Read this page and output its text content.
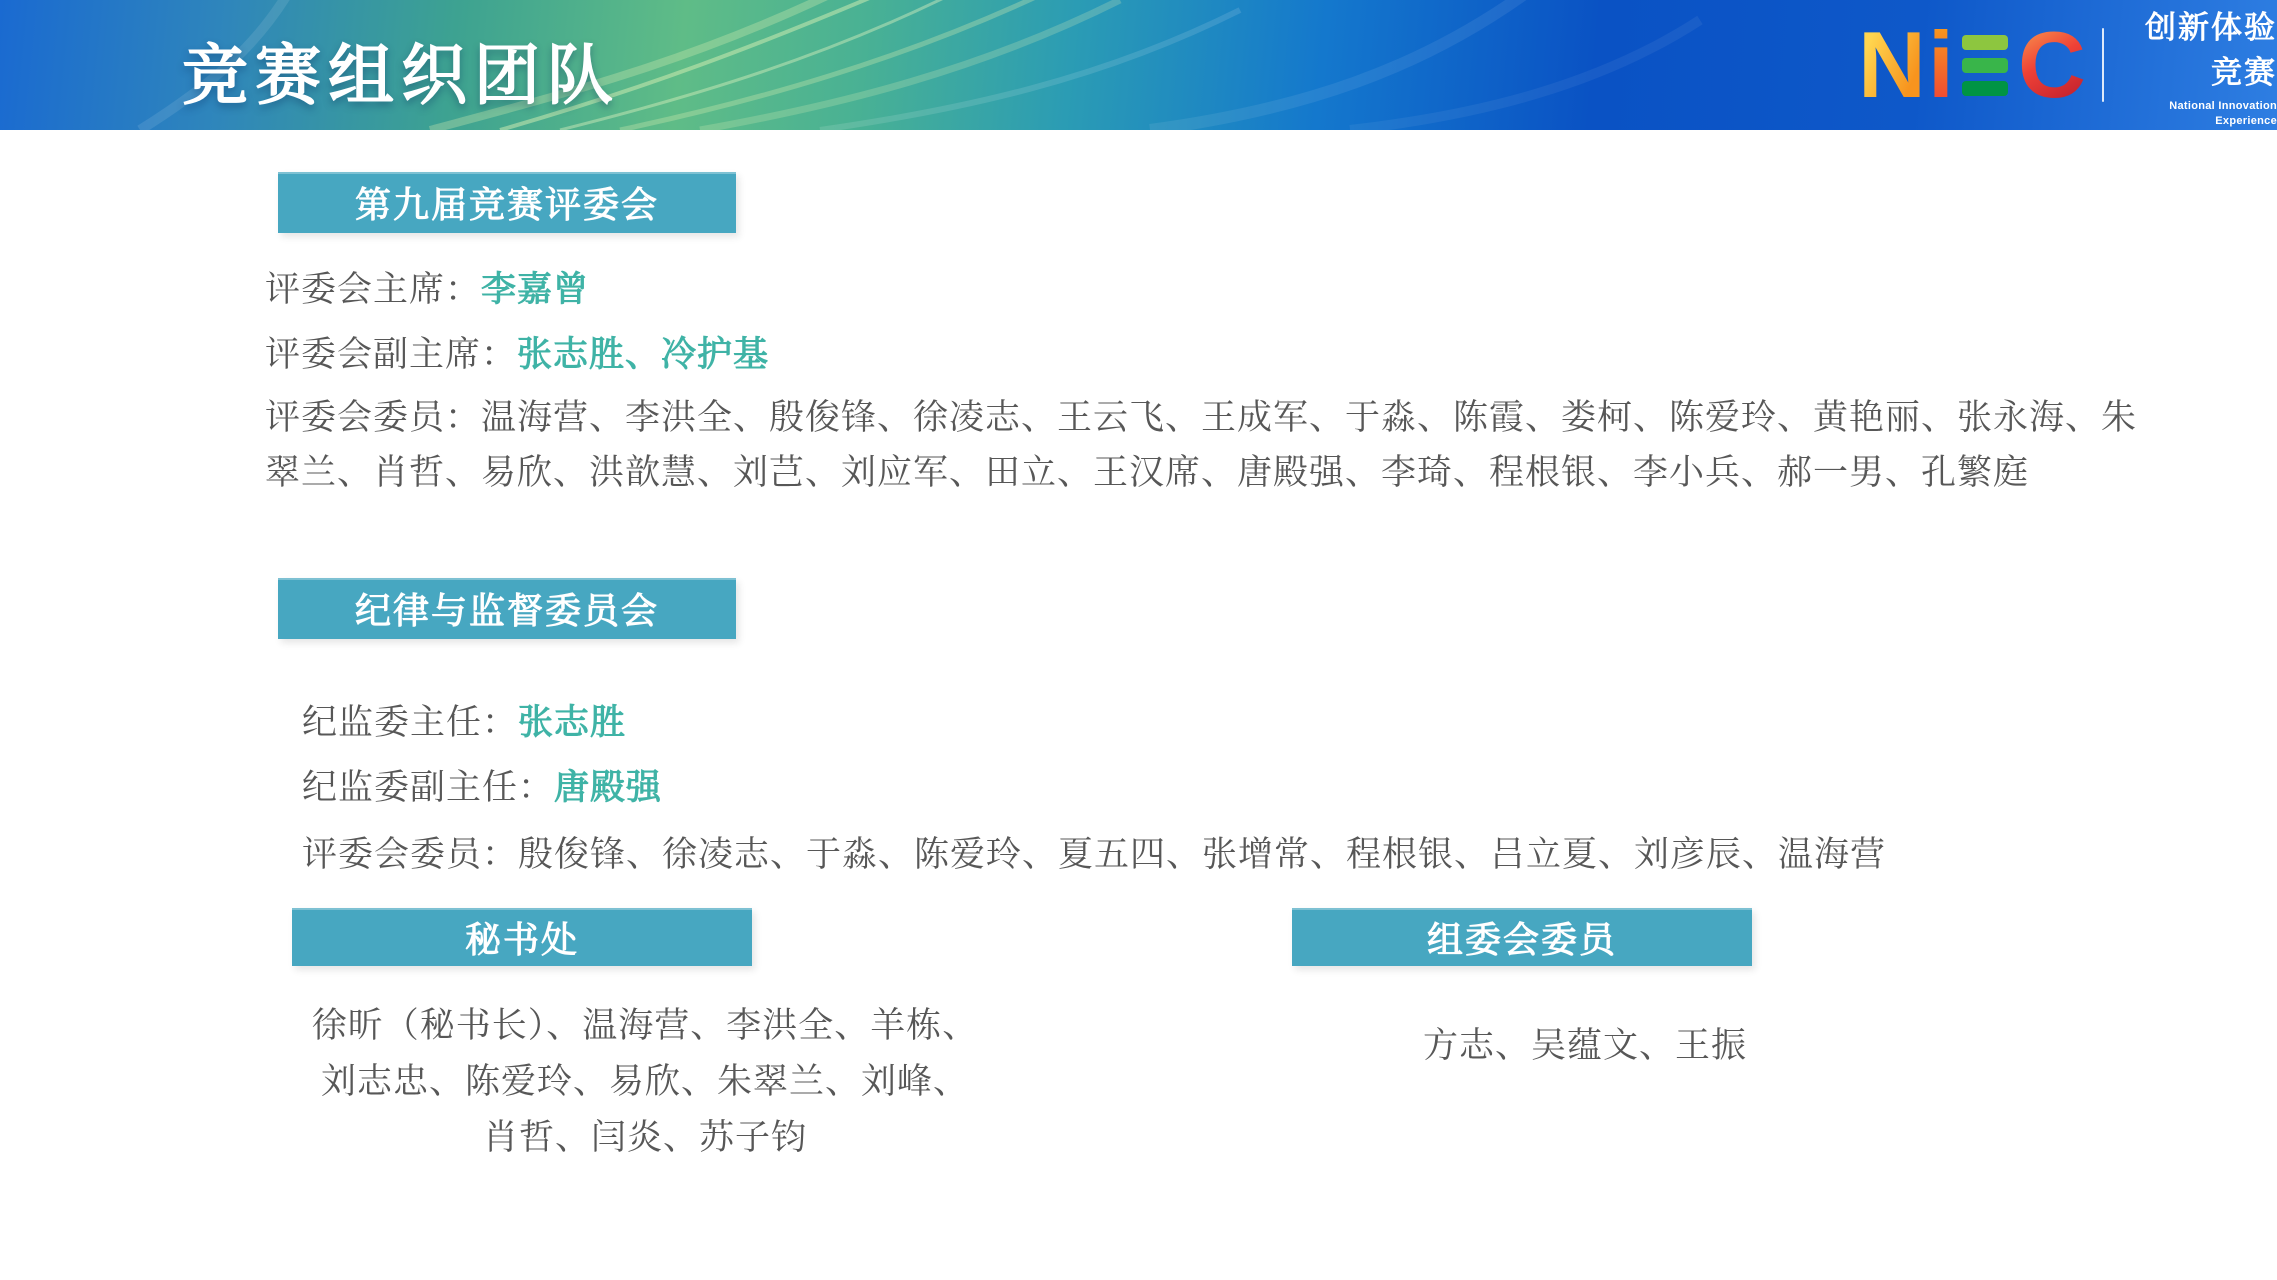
竞赛组织团队	N i C	创新体验竞赛
National Innovation Experience
Competition For College Students
第九届竞赛评委会
评委会主席：李嘉曾
评委会副主席：张志胜、冷护基
评委会委员：温海营、李洪全、殷俊锋、徐凌志、王云飞、王成军、于淼、陈霞、娄柯、陈爱玲、黄艳丽、张永海、朱翠兰、肖哲、易欣、洪歆慧、刘芑、刘应军、田立、王汉席、唐殿强、李琦、程根银、李小兵、郝一男、孔繁庭
纪律与监督委员会
纪监委主任：张志胜
纪监委副主任：唐殿强
评委会委员：殷俊锋、徐凌志、于淼、陈爱玲、夏五四、张增常、程根银、吕立夏、刘彦辰、温海营
秘书处
徐昕（秘书长）、温海营、李洪全、羊栋、
刘志忠、陈爱玲、易欣、朱翠兰、刘峰、
肖哲、闫炎、苏子钧
组委会委员
方志、吴蕴文、王振
